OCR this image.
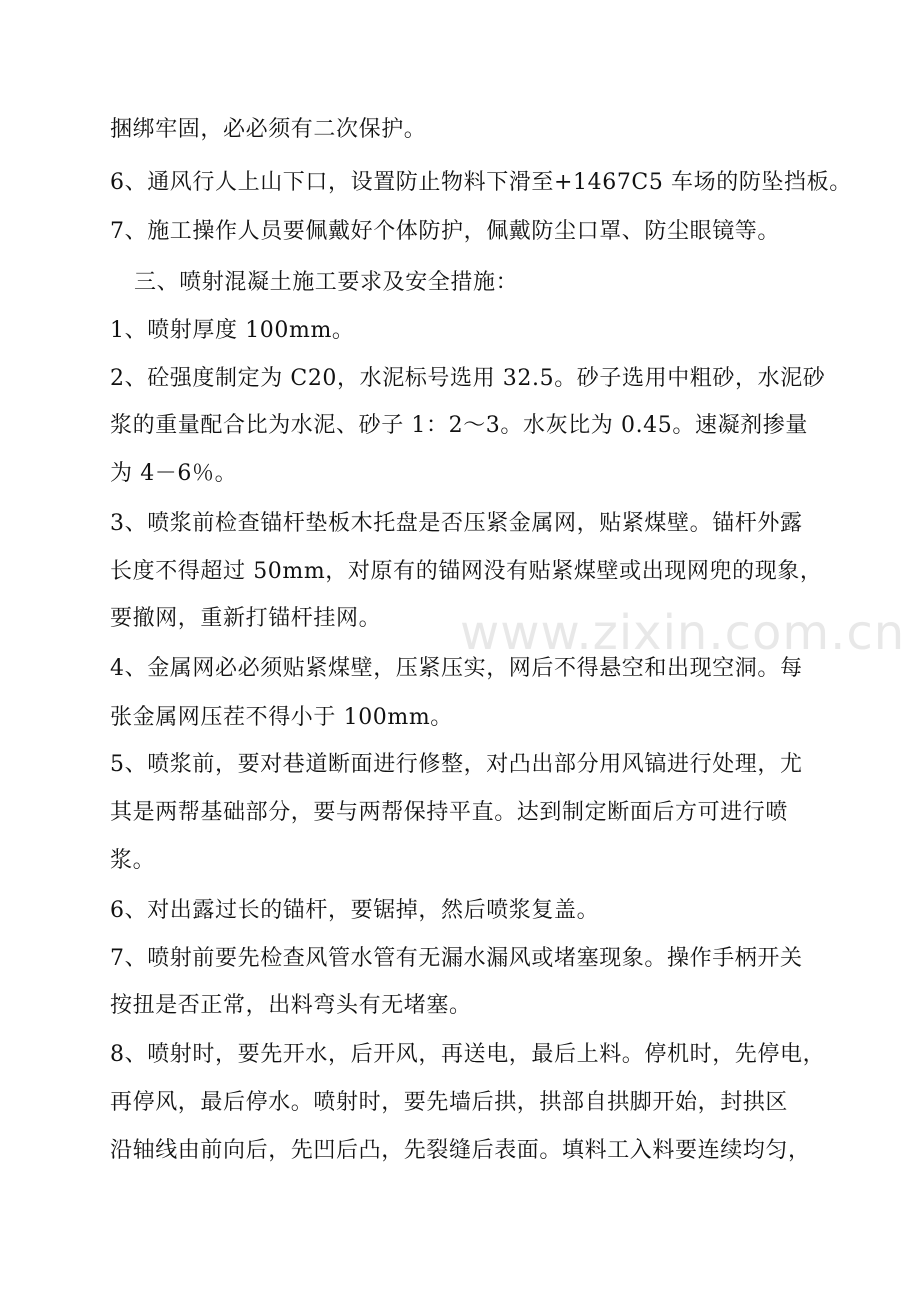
捆绑牢固，必必须有二次保护。
6、通风行人上山下口，设置防止物料下滑至+1467C5 车场的防坠挡板。
7、施工操作人员要佩戴好个体防护，佩戴防尘口罩、防尘眼镜等。
三、喷射混凝土施工要求及安全措施：
1、喷射厚度 100mm。
2、砼强度制定为 C20，水泥标号选用 32.5。砂子选用中粗砂，水泥砂
浆的重量配合比为水泥、砂子 1：2～3。水灰比为 0.45。速凝剂掺量
为 4－6％。
3、喷浆前检查锚杆垫板木托盘是否压紧金属网，贴紧煤壁。锚杆外露
长度不得超过 50mm，对原有的锚网没有贴紧煤壁或出现网兜的现象，
要撤网，重新打锚杆挂网。
4、金属网必必须贴紧煤壁，压紧压实，网后不得悬空和出现空洞。每
张金属网压茬不得小于 100mm。
5、喷浆前，要对巷道断面进行修整，对凸出部分用风镐进行处理，尤
其是两帮基础部分，要与两帮保持平直。达到制定断面后方可进行喷
浆。
6、对出露过长的锚杆，要锯掉，然后喷浆复盖。
7、喷射前要先检查风管水管有无漏水漏风或堵塞现象。操作手柄开关
按扭是否正常，出料弯头有无堵塞。
8、喷射时，要先开水，后开风，再送电，最后上料。停机时，先停电，
再停风，最后停水。喷射时，要先墙后拱，拱部自拱脚开始，封拱区
沿轴线由前向后，先凹后凸，先裂缝后表面。填料工入料要连续均匀，
www.zixin.com.cn
